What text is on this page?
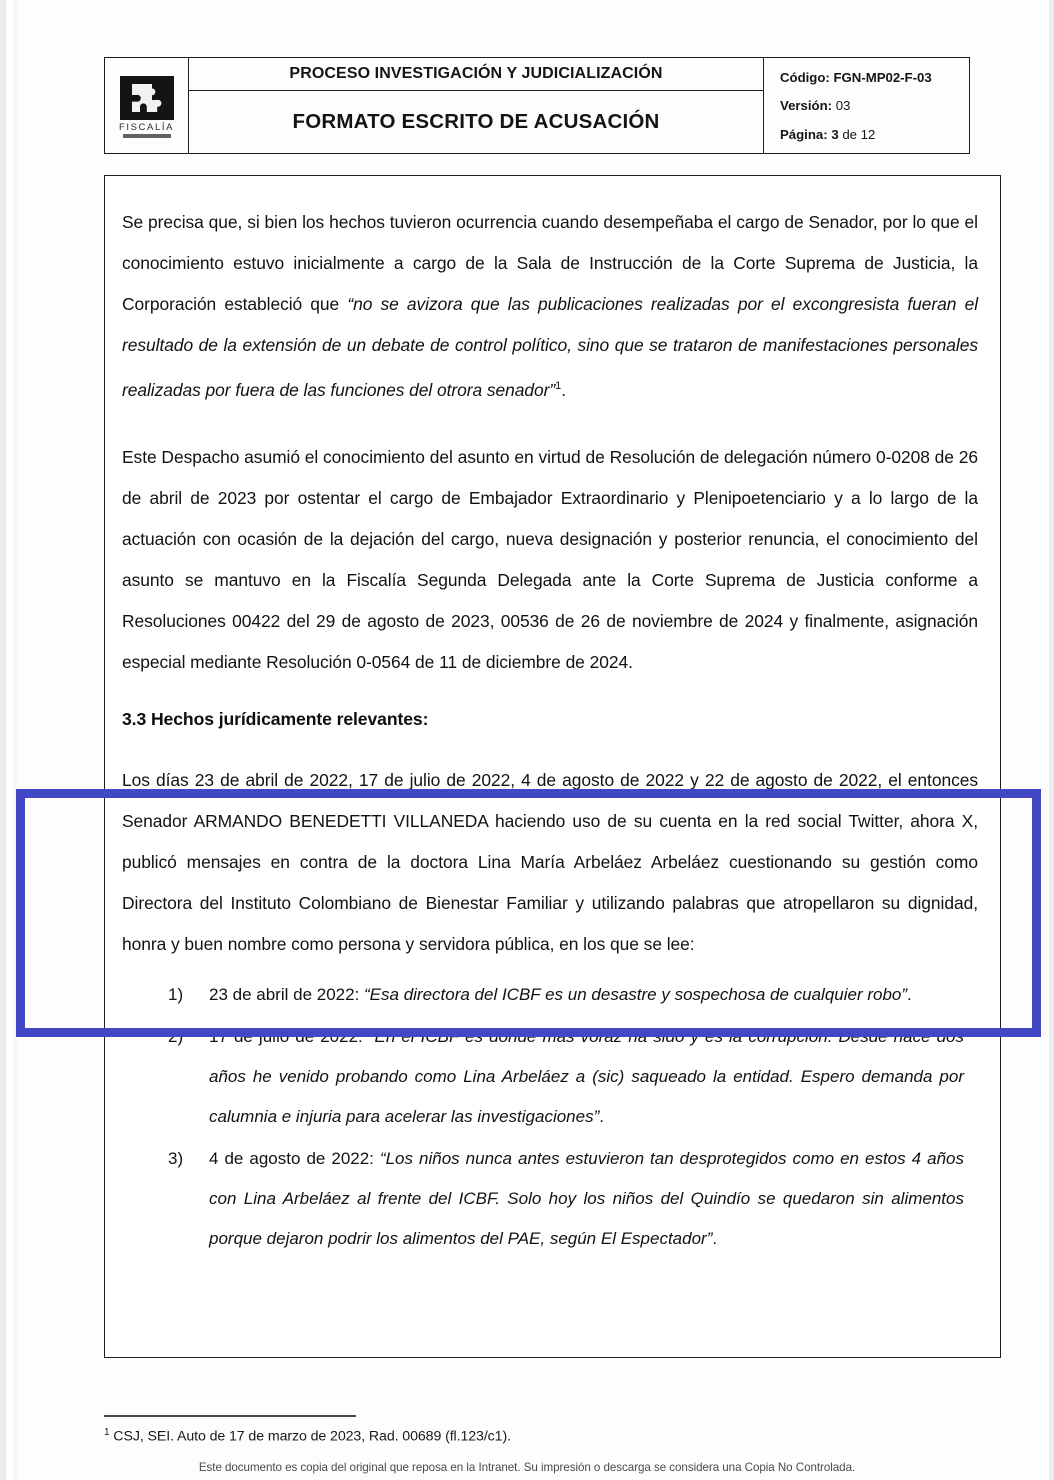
FISCALÍA
PROCESO INVESTIGACIÓN Y JUDICIALIZACIÓN
FORMATO ESCRITO DE ACUSACIÓN
Código: FGN-MP02-F-03
Versión: 03
Página: 3 de 12

Se precisa que, si bien los hechos tuvieron ocurrencia cuando desempeñaba el cargo de Senador, por lo que el conocimiento estuvo inicialmente a cargo de la Sala de Instrucción de la Corte Suprema de Justicia, la Corporación estableció que “no se avizora que las publicaciones realizadas por el excongresista fueran el resultado de la extensión de un debate de control político, sino que se trataron de manifestaciones personales realizadas por fuera de las funciones del otrora senador”$^1$.

Este Despacho asumió el conocimiento del asunto en virtud de Resolución de delegación número 0-0208 de 26 de abril de 2023 por ostentar el cargo de Embajador Extraordinario y Plenipoetenciario y a lo largo de la actuación con ocasión de la dejación del cargo, nueva designación y posterior renuncia, el conocimiento del asunto se mantuvo en la Fiscalía Segunda Delegada ante la Corte Suprema de Justicia conforme a Resoluciones 00422 del 29 de agosto de 2023, 00536 de 26 de noviembre de 2024 y finalmente, asignación especial mediante Resolución 0-0564 de 11 de diciembre de 2024.

3.3 Hechos jurídicamente relevantes:

Los días 23 de abril de 2022, 17 de julio de 2022, 4 de agosto de 2022 y 22 de agosto de 2022, el entonces Senador ARMANDO BENEDETTI VILLANEDA haciendo uso de su cuenta en la red social Twitter, ahora X, publicó mensajes en contra de la doctora Lina María Arbeláez Arbeláez cuestionando su gestión como Directora del Instituto Colombiano de Bienestar Familiar y utilizando palabras que atropellaron su dignidad, honra y buen nombre como persona y servidora pública, en los que se lee:

1)	23 de abril de 2022: “Esa directora del ICBF es un desastre y sospechosa de cualquier robo”.
2)	17 de julio de 2022: “En el ICBF es dónde más voraz ha sido y es la corrupción. Desde hace dos años he venido probando como Lina Arbeláez a (sic) saqueado la entidad. Espero demanda por calumnia e injuria para acelerar las investigaciones”.
3)	4 de agosto de 2022: “Los niños nunca antes estuvieron tan desprotegidos como en estos 4 años con Lina Arbeláez al frente del ICBF. Solo hoy los niños del Quindío se quedaron sin alimentos porque dejaron podrir los alimentos del PAE, según El Espectador”.
$^1$ CSJ, SEI. Auto de 17 de marzo de 2023, Rad. 00689 (fl.123/c1).
Este documento es copia del original que reposa en la Intranet. Su impresión o descarga se considera una Copia No Controlada.
